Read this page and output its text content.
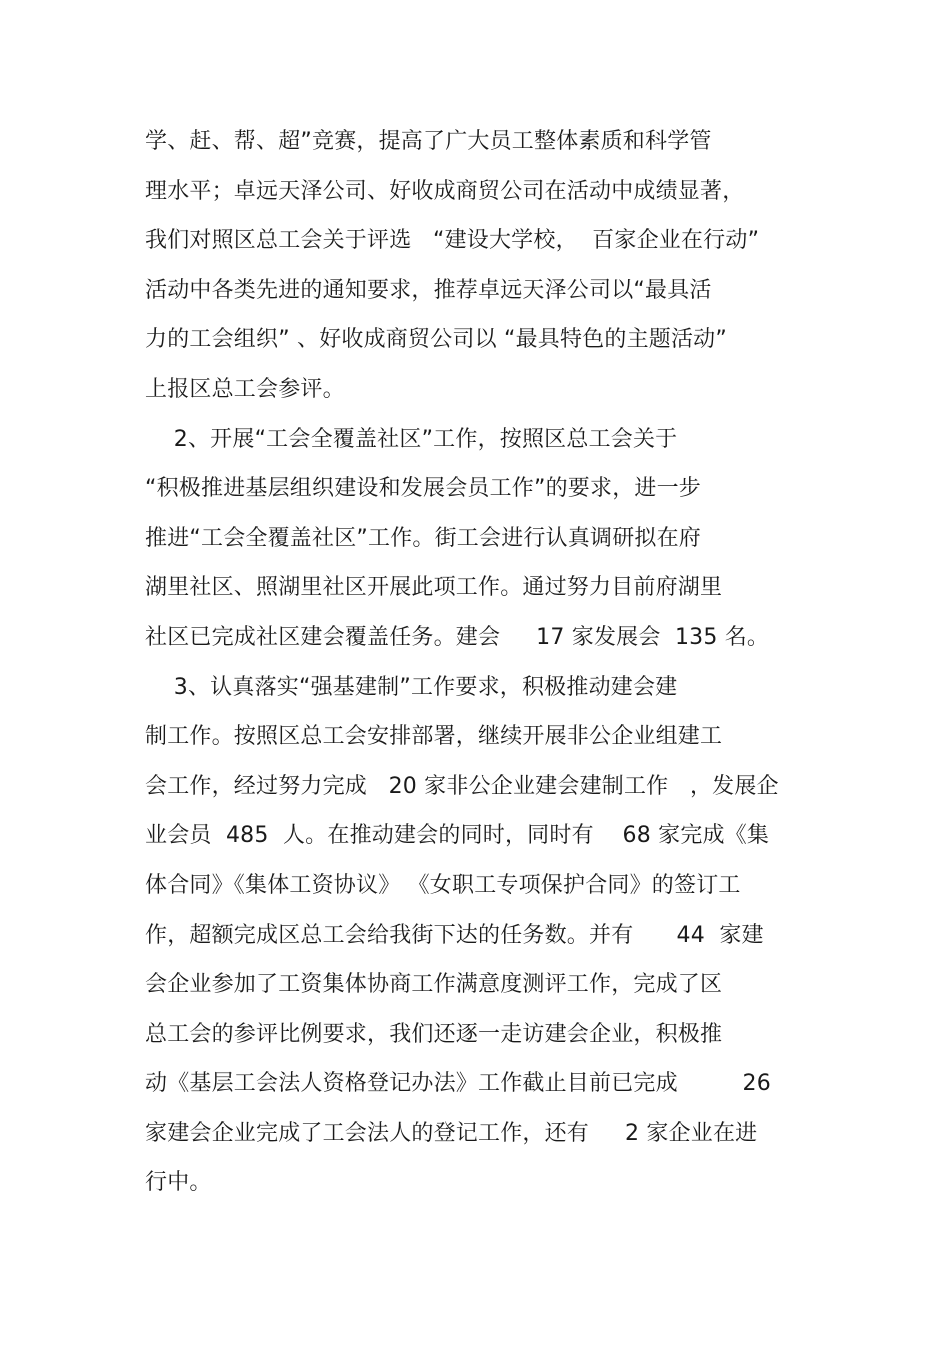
学、赶、帮、超”竞赛，提高了广大员工整体素质和科学管
理水平；卓远天泽公司、好收成商贸公司在活动中成绩显著，
我们对照区总工会关于评选   “建设大学校，  百家企业在行动”
活动中各类先进的通知要求，推荐卓远天泽公司以“最具活
力的工会组织” 、好收成商贸公司以 “最具特色的主题活动”
上报区总工会参评。
2、开展“工会全覆盖社区”工作，按照区总工会关于
“积极推进基层组织建设和发展会员工作”的要求，进一步
推进“工会全覆盖社区”工作。街工会进行认真调研拟在府
湖里社区、照湖里社区开展此项工作。通过努力目前府湖里
社区已完成社区建会覆盖任务。建会     17 家发展会  135 名。
3、认真落实“强基建制”工作要求，积极推动建会建
制工作。按照区总工会安排部署，继续开展非公企业组建工
会工作，经过努力完成   20 家非公企业建会建制工作   ，发展企
业会员  485  人。在推动建会的同时，同时有    68 家完成《集
体合同》《集体工资协议》 《女职工专项保护合同》的签订工
作，超额完成区总工会给我街下达的任务数。并有      44  家建
会企业参加了工资集体协商工作满意度测评工作，完成了区
总工会的参评比例要求，我们还逐一走访建会企业，积极推
动《基层工会法人资格登记办法》工作截止目前已完成         26
家建会企业完成了工会法人的登记工作，还有     2 家企业在进
行中。
